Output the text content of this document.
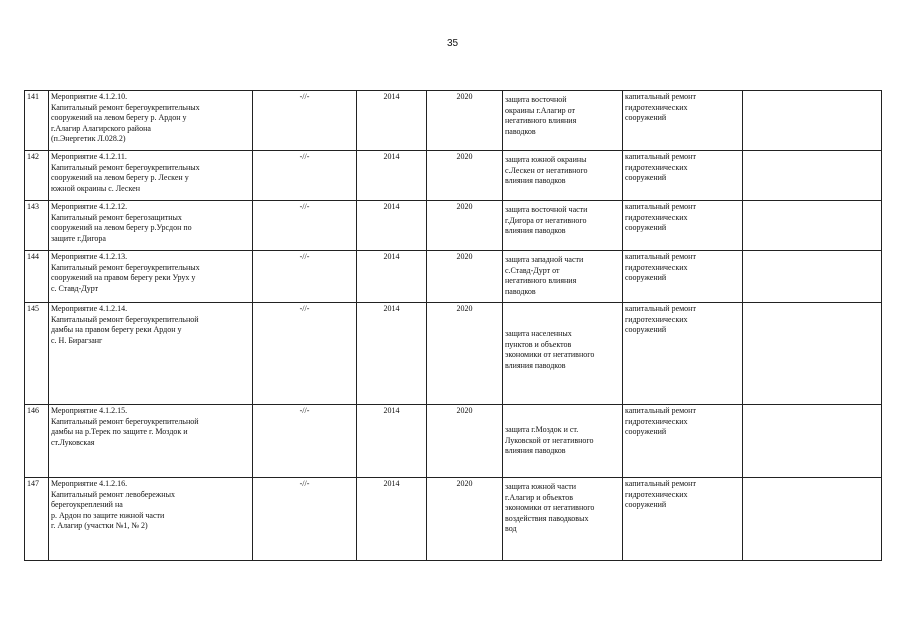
35
141	Мероприятие 4.1.2.10.
Капитальный ремонт берегоукрепительных
сооружений на левом берегу р. Ардон у
г.Алагир Алагирского района
(п.Энергетик Л.028.2)	-//-	2014	2020	защита восточной
окраины г.Алагир от
негативного влияния
паводков	капитальный ремонт
гидротехнических
сооружений	

142	Мероприятие 4.1.2.11.
Капитальный ремонт берегоукрепительных
сооружений на левом берегу р. Лескен у
южной окраины с. Лескен	-//-	2014	2020	защита южной окраины
с.Лескен от негативного
влияния паводков	капитальный ремонт
гидротехнических
сооружений	

143	Мероприятие 4.1.2.12.
Капитальный ремонт берегозащитных
сооружений на левом берегу р.Урсдон по
защите г.Дигора	-//-	2014	2020	защита восточной части
г.Дигора от негативного
влияния паводков	капитальный ремонт
гидротехнических
сооружений	

144	Мероприятие 4.1.2.13.
Капитальный ремонт берегоукрепительных
сооружений на правом берегу реки Урух у
с. Ставд-Дурт	-//-	2014	2020	защита западной части
с.Ставд-Дурт от
негативного влияния
паводков	капитальный ремонт
гидротехнических
сооружений	

145	Мероприятие 4.1.2.14.
Капитальный ремонт берегоукрепительной
дамбы на правом берегу реки Ардон у
с. Н. Бирагзанг	-//-	2014	2020	защита населенных
пунктов и объектов
экономики от негативного
влияния паводков	капитальный ремонт
гидротехнических
сооружений	

146	Мероприятие 4.1.2.15.
Капитальный ремонт берегоукрепительной
дамбы на р.Терек по защите г. Моздок и
ст.Луковская	-//-	2014	2020	защита г.Моздок и ст.
Луковской от негативного
влияния паводков	капитальный ремонт
гидротехнических
сооружений	

147	Мероприятие 4.1.2.16.
Капитальный ремонт левобережных
берегоукреплений на
р. Ардон по защите южной части
г. Алагир (участки №1, № 2)	-//-	2014	2020	защита южной части
г.Алагир и объектов
экономики от негативного
воздействия паводковых
вод	капитальный ремонт
гидротехнических
сооружений	
